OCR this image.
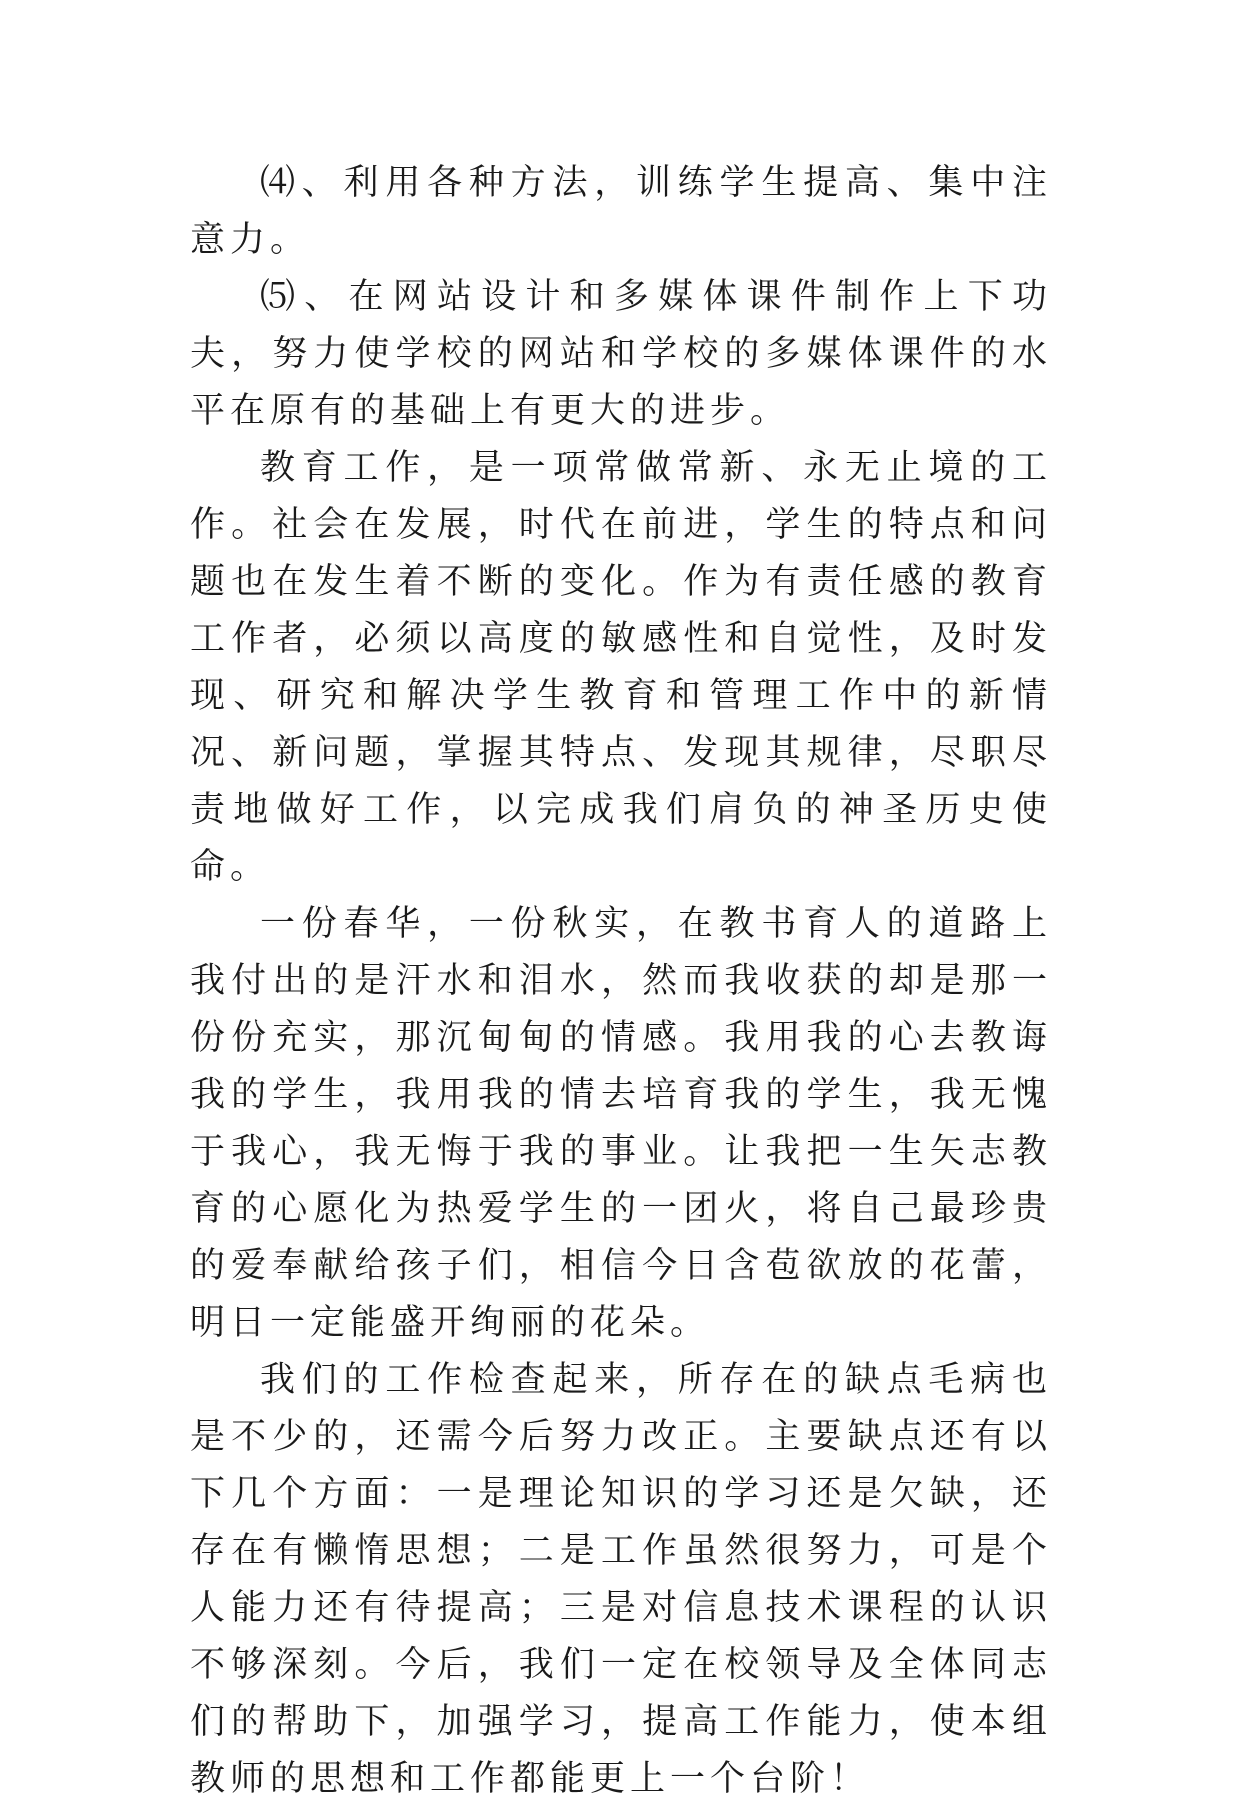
⑷、利用各种方法，训练学生提高、集中注意力。

⑸、在网站设计和多媒体课件制作上下功夫，努力使学校的网站和学校的多媒体课件的水平在原有的基础上有更大的进步。

教育工作，是一项常做常新、永无止境的工作。社会在发展，时代在前进，学生的特点和问题也在发生着不断的变化。作为有责任感的教育工作者，必须以高度的敏感性和自觉性，及时发现、研究和解决学生教育和管理工作中的新情况、新问题，掌握其特点、发现其规律，尽职尽责地做好工作，以完成我们肩负的神圣历史使命。

一份春华，一份秋实，在教书育人的道路上我付出的是汗水和泪水，然而我收获的却是那一份份充实，那沉甸甸的情感。我用我的心去教诲我的学生，我用我的情去培育我的学生，我无愧于我心，我无悔于我的事业。让我把一生矢志教育的心愿化为热爱学生的一团火，将自己最珍贵的爱奉献给孩子们，相信今日含苞欲放的花蕾，明日一定能盛开绚丽的花朵。

我们的工作检查起来，所存在的缺点毛病也是不少的，还需今后努力改正。主要缺点还有以下几个方面：一是理论知识的学习还是欠缺，还存在有懒惰思想；二是工作虽然很努力，可是个人能力还有待提高；三是对信息技术课程的认识不够深刻。今后，我们一定在校领导及全体同志们的帮助下，加强学习，提高工作能力，使本组教师的思想和工作都能更上一个台阶！
